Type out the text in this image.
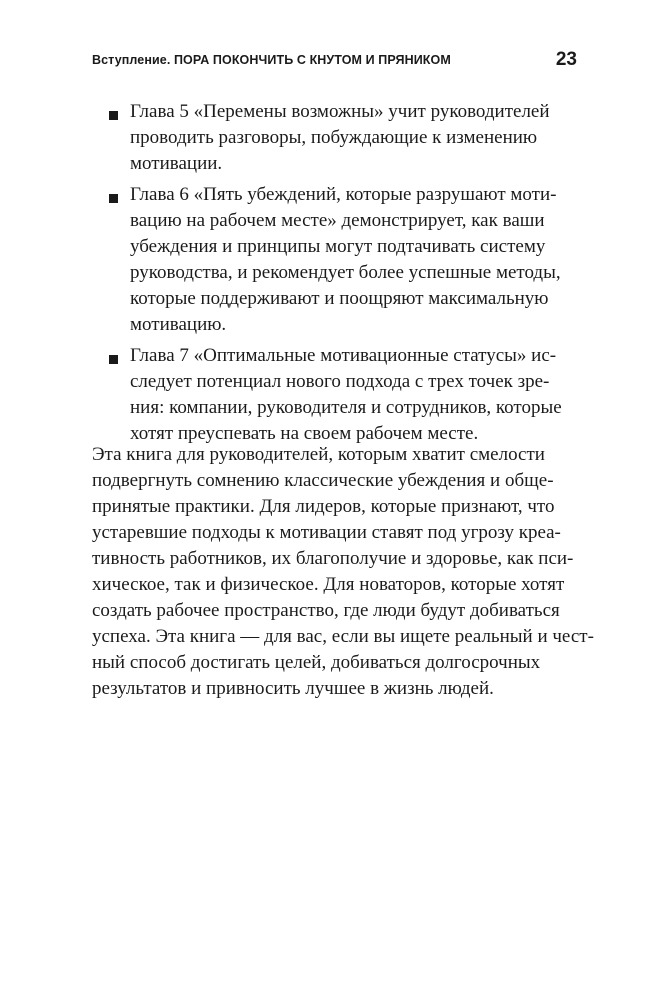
Вступление. ПОРА ПОКОНЧИТЬ С КНУТОМ И ПРЯНИКОМ	23
Глава 5 «Перемены возможны» учит руководителей
проводить разговоры, побуждающие к изменению
мотивации.
Глава 6 «Пять убеждений, которые разрушают моти-
вацию на рабочем месте» демонстрирует, как ваши
убеждения и принципы могут подтачивать систему
руководства, и рекомендует более успешные методы,
которые поддерживают и поощряют максимальную
мотивацию.
Глава 7 «Оптимальные мотивационные статусы» ис-
следует потенциал нового подхода с трех точек зре-
ния: компании, руководителя и сотрудников, которые
хотят преуспевать на своем рабочем месте.
Эта книга для руководителей, которым хватит смелости
подвергнуть сомнению классические убеждения и обще-
принятые практики. Для лидеров, которые признают, что
устаревшие подходы к мотивации ставят под угрозу креа-
тивность работников, их благополучие и здоровье, как пси-
хическое, так и физическое. Для новаторов, которые хотят
создать рабочее пространство, где люди будут добиваться
успеха. Эта книга — для вас, если вы ищете реальный и чест-
ный способ достигать целей, добиваться долгосрочных
результатов и привносить лучшее в жизнь людей.
